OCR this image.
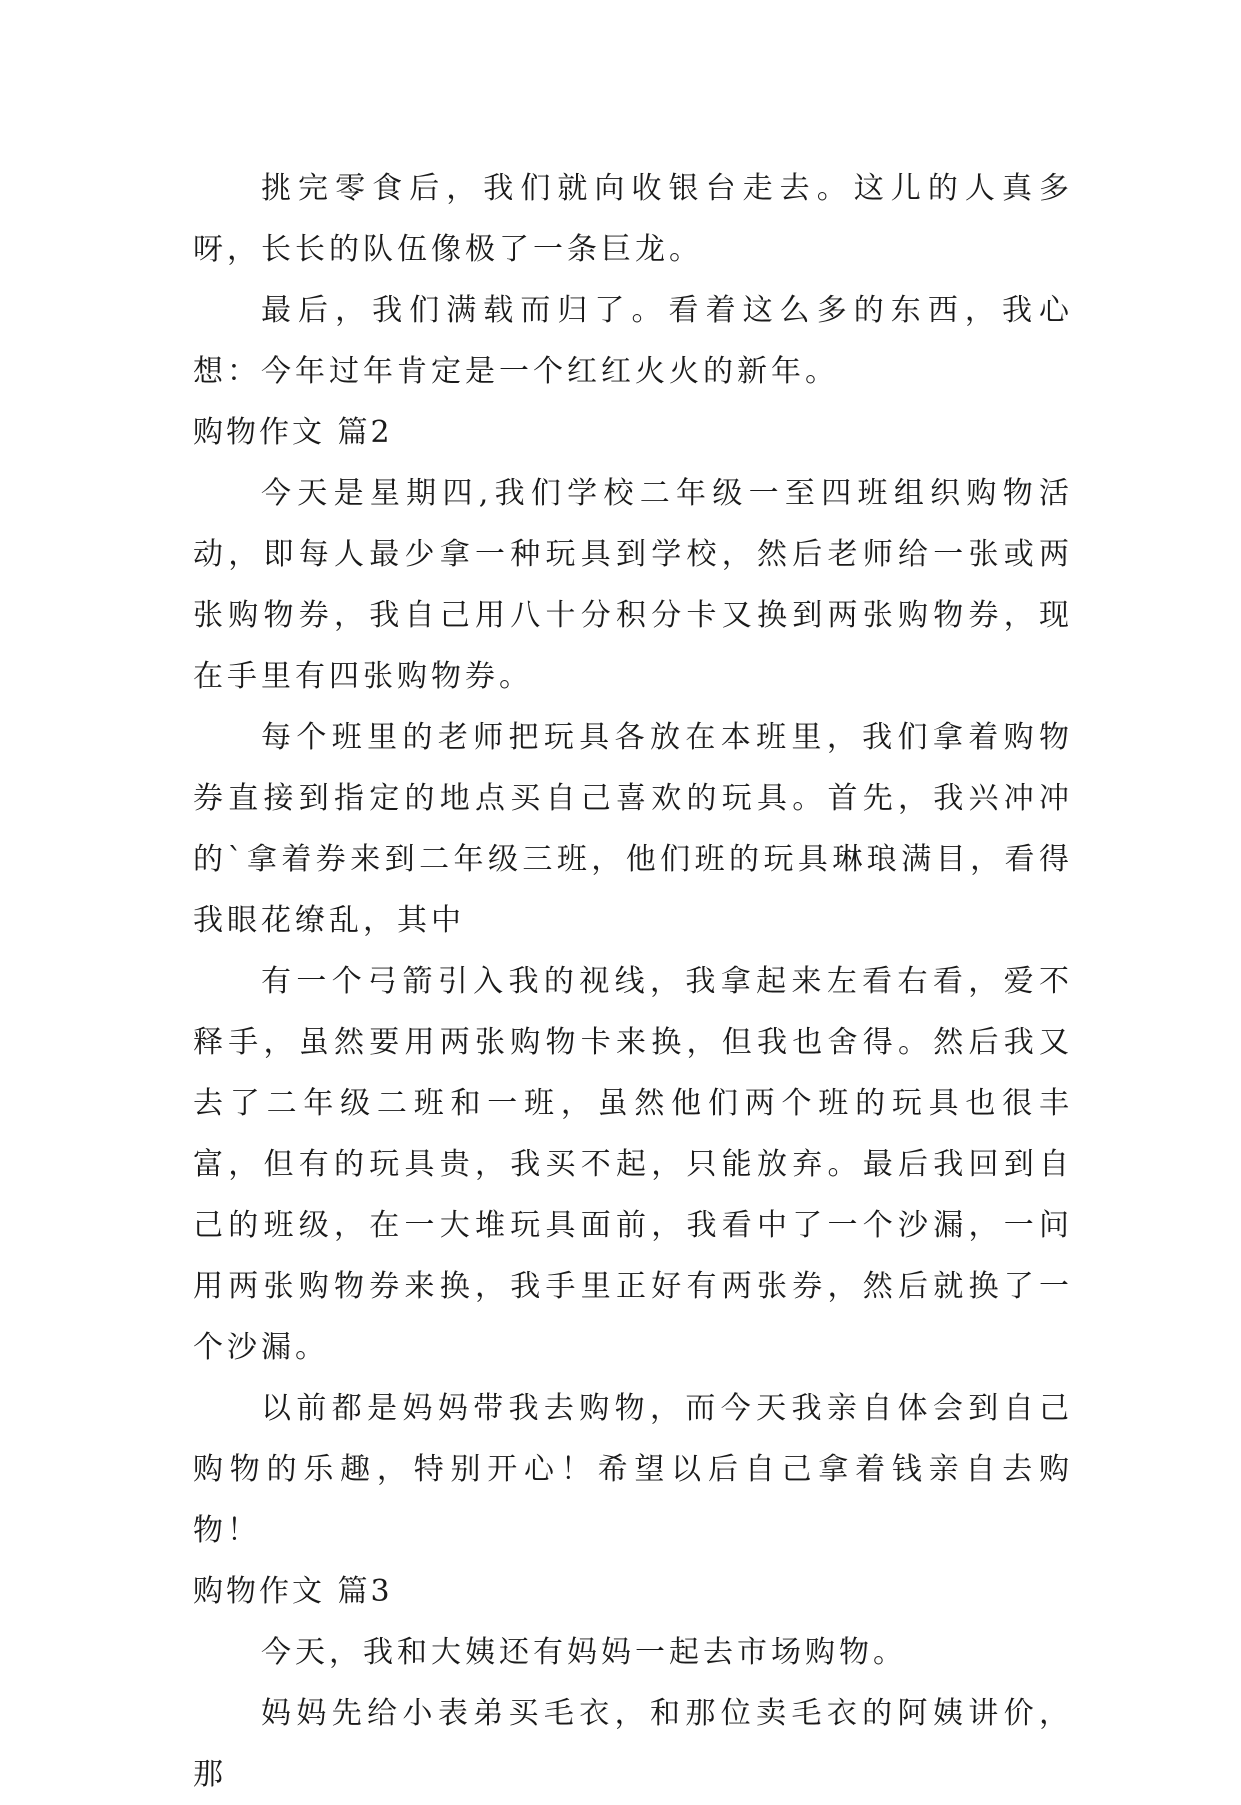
挑完零食后，我们就向收银台走去。这儿的人真多呀，长长的队伍像极了一条巨龙。

最后，我们满载而归了。看着这么多的东西，我心想：今年过年肯定是一个红红火火的新年。

购物作文 篇2

今天是星期四,我们学校二年级一至四班组织购物活动，即每人最少拿一种玩具到学校，然后老师给一张或两张购物券，我自己用八十分积分卡又换到两张购物券，现在手里有四张购物券。

每个班里的老师把玩具各放在本班里，我们拿着购物券直接到指定的地点买自己喜欢的玩具。首先，我兴冲冲的`拿着券来到二年级三班，他们班的玩具琳琅满目，看得我眼花缭乱，其中

有一个弓箭引入我的视线，我拿起来左看右看，爱不释手，虽然要用两张购物卡来换，但我也舍得。然后我又去了二年级二班和一班，虽然他们两个班的玩具也很丰富，但有的玩具贵，我买不起，只能放弃。最后我回到自己的班级，在一大堆玩具面前，我看中了一个沙漏，一问用两张购物券来换，我手里正好有两张券，然后就换了一个沙漏。

以前都是妈妈带我去购物，而今天我亲自体会到自己购物的乐趣，特别开心！希望以后自己拿着钱亲自去购物！

购物作文 篇3

今天，我和大姨还有妈妈一起去市场购物。

妈妈先给小表弟买毛衣，和那位卖毛衣的阿姨讲价，那
